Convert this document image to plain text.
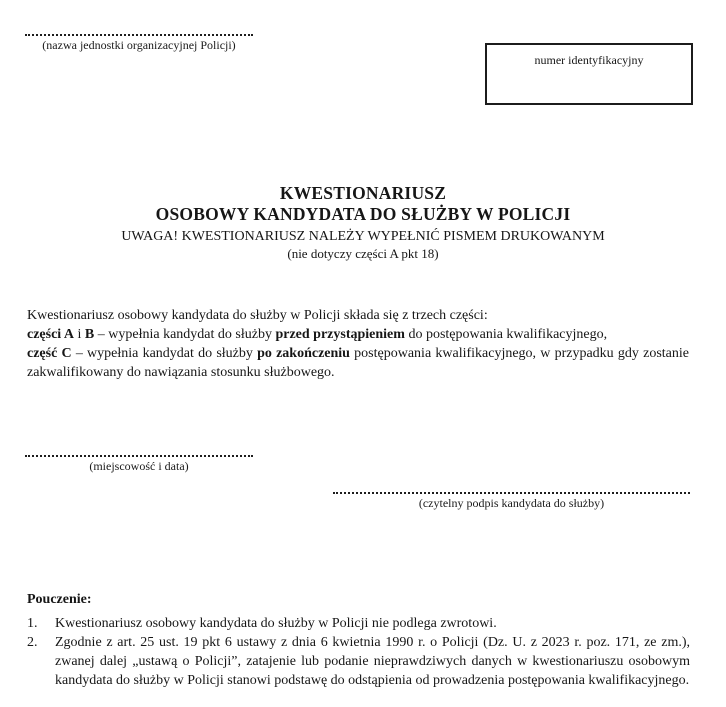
(nazwa jednostki organizacyjnej Policji)
numer identyfikacyjny
KWESTIONARIUSZ
OSOBOWY KANDYDATA DO SŁUŻBY W POLICJI
UWAGA! KWESTIONARIUSZ NALEŻY WYPEŁNIĆ PISMEM DRUKOWANYM
(nie dotyczy części A pkt 18)
Kwestionariusz osobowy kandydata do służby w Policji składa się z trzech części:
części A i B – wypełnia kandydat do służby przed przystąpieniem do postępowania kwalifikacyjnego,
część C – wypełnia kandydat do służby po zakończeniu postępowania kwalifikacyjnego, w przypadku gdy zostanie
zakwalifikowany do nawiązania stosunku służbowego.
(miejscowość i data)
(czytelny podpis kandydata do służby)
Pouczenie:
1.	Kwestionariusz osobowy kandydata do służby w Policji nie podlega zwrotowi.
2.	Zgodnie z art. 25 ust. 19 pkt 6 ustawy z dnia 6 kwietnia 1990 r. o Policji (Dz. U. z 2023 r. poz. 171, ze zm.), zwanej dalej „ustawą o Policji”, zatajenie lub podanie nieprawdziwych danych w kwestionariuszu osobowym kandydata do służby w Policji stanowi podstawę do odstąpienia od prowadzenia postępowania kwalifikacyjnego.
